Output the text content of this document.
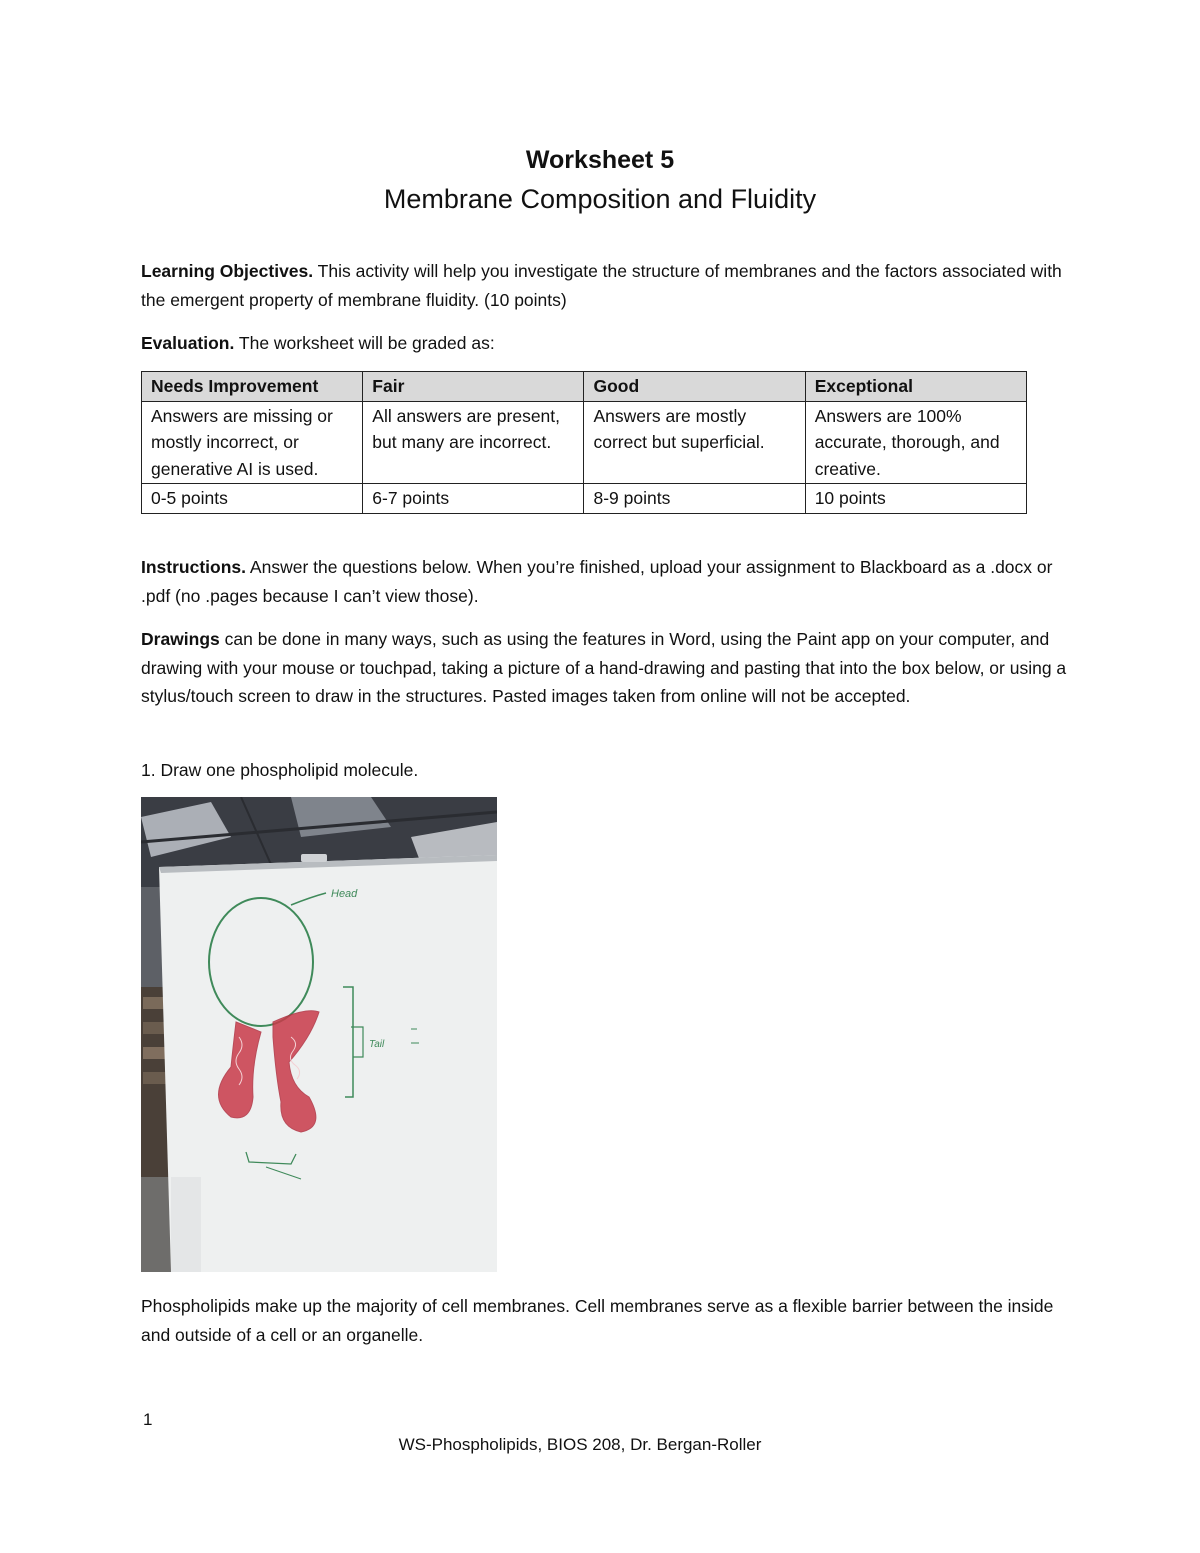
Worksheet 5
Membrane Composition and Fluidity
Learning Objectives. This activity will help you investigate the structure of membranes and the factors associated with the emergent property of membrane fluidity. (10 points)
Evaluation. The worksheet will be graded as:
Needs Improvement	Fair	Good	Exceptional
Answers are missing or mostly incorrect, or generative AI is used.	All answers are present, but many are incorrect.	Answers are mostly correct but superficial.	Answers are 100% accurate, thorough, and creative.
0-5 points	6-7 points	8-9 points	10 points
Instructions. Answer the questions below. When you’re finished, upload your assignment to Blackboard as a .docx or .pdf (no .pages because I can’t view those).
Drawings can be done in many ways, such as using the features in Word, using the Paint app on your computer, and drawing with your mouse or touchpad, taking a picture of a hand-drawing and pasting that into the box below, or using a stylus/touch screen to draw in the structures. Pasted images taken from online will not be accepted.
1. Draw one phospholipid molecule.
Head
Tail
Phospholipids make up the majority of cell membranes. Cell membranes serve as a flexible barrier between the inside and outside of a cell or an organelle.
1
WS-Phospholipids, BIOS 208, Dr. Bergan-Roller
